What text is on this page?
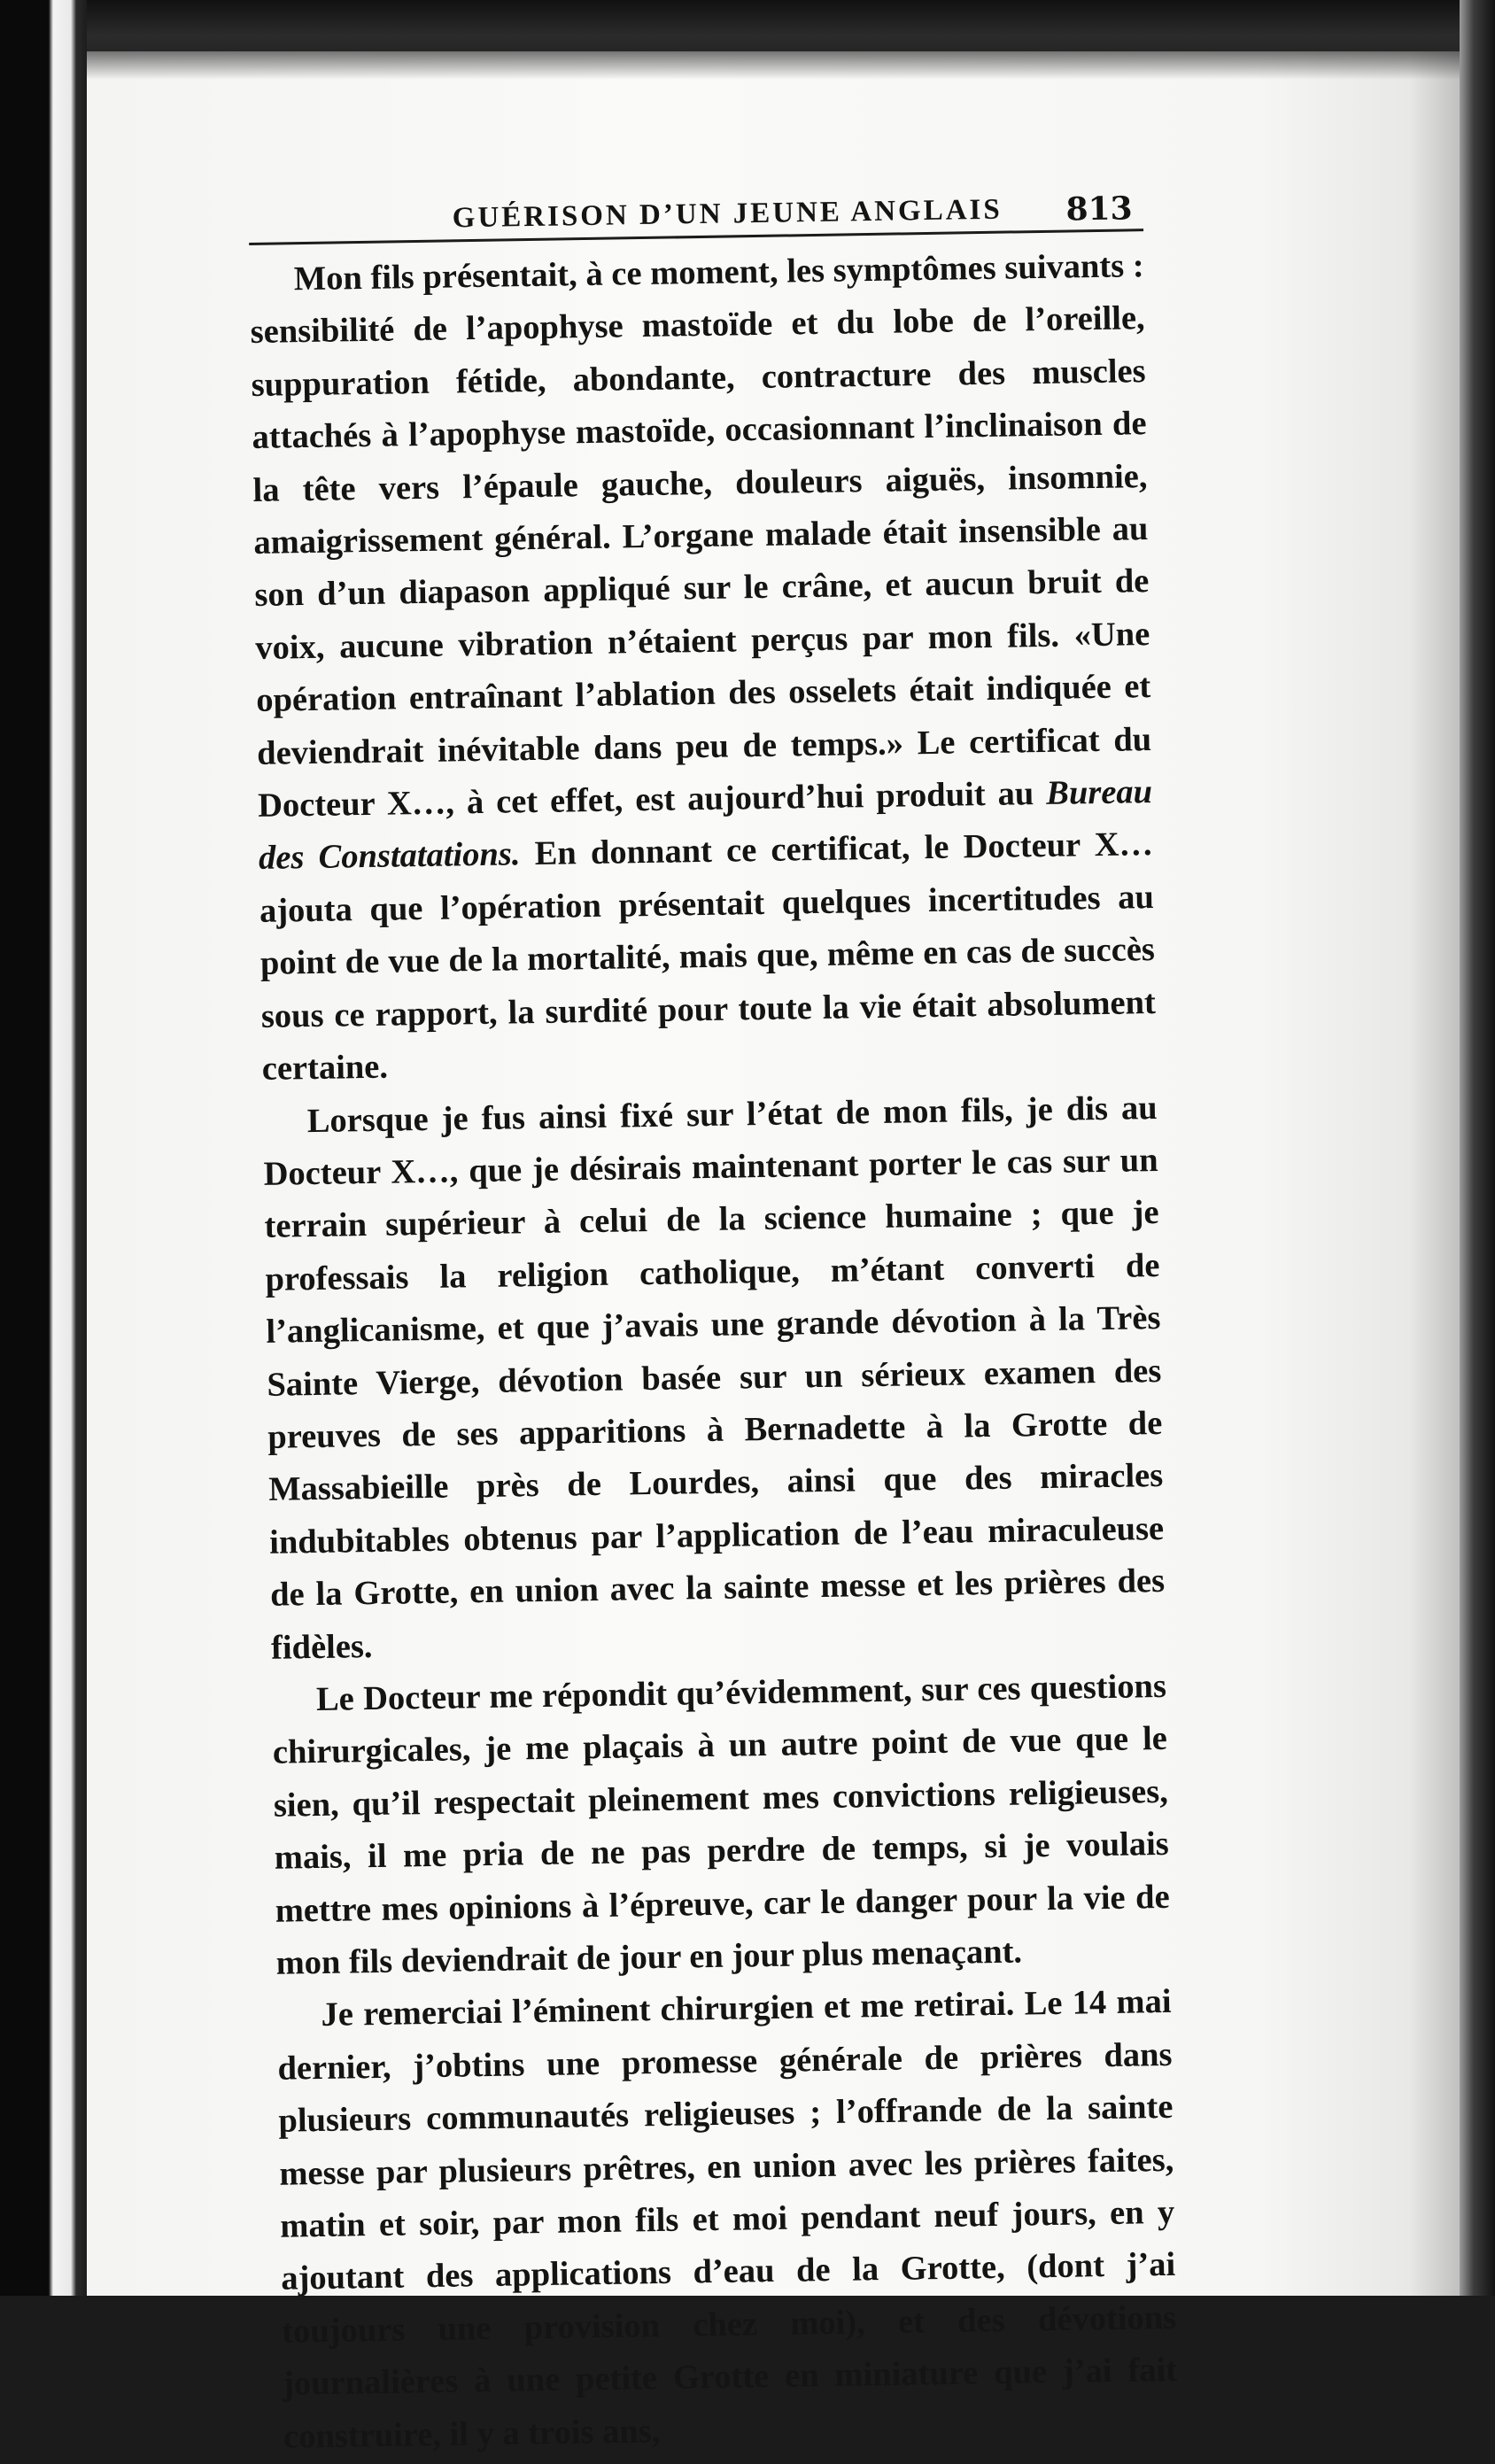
GUÉRISON D’UN JEUNE ANGLAIS 813

Mon fils présentait, à ce moment, les symptômes suivants : sensibilité de l’apophyse mastoïde et du lobe de l’oreille, suppuration fétide, abondante, contracture des muscles attachés à l’apophyse mastoïde, occasionnant l’inclinaison de la tête vers l’épaule gauche, douleurs aiguës, insomnie, amaigrissement général. L’organe malade était insensible au son d’un diapason appliqué sur le crâne, et aucun bruit de voix, aucune vibration n’étaient perçus par mon fils. «Une opération entraînant l’ablation des osselets était indiquée et deviendrait inévitable dans peu de temps.» Le certificat du Docteur X…, à cet effet, est aujourd’hui produit au Bureau des Constatations. En donnant ce certificat, le Docteur X… ajouta que l’opération présentait quelques incertitudes au point de vue de la mortalité, mais que, même en cas de succès sous ce rapport, la surdité pour toute la vie était absolument certaine.

Lorsque je fus ainsi fixé sur l’état de mon fils, je dis au Docteur X…, que je désirais maintenant porter le cas sur un terrain supérieur à celui de la science humaine ; que je professais la religion catholique, m’étant converti de l’anglicanisme, et que j’avais une grande dévotion à la Très Sainte Vierge, dévotion basée sur un sérieux examen des preuves de ses apparitions à Bernadette à la Grotte de Massabieille près de Lourdes, ainsi que des miracles indubitables obtenus par l’application de l’eau miraculeuse de la Grotte, en union avec la sainte messe et les prières des fidèles.

Le Docteur me répondit qu’évidemment, sur ces questions chirurgicales, je me plaçais à un autre point de vue que le sien, qu’il respectait pleinement mes convictions religieuses, mais, il me pria de ne pas perdre de temps, si je voulais mettre mes opinions à l’épreuve, car le danger pour la vie de mon fils deviendrait de jour en jour plus menaçant.

Je remerciai l’éminent chirurgien et me retirai. Le 14 mai dernier, j’obtins une promesse générale de prières dans plusieurs communautés religieuses ; l’offrande de la sainte messe par plusieurs prêtres, en union avec les prières faites, matin et soir, par mon fils et moi pendant neuf jours, en y ajoutant des applications d’eau de la Grotte, (dont j’ai toujours une provision chez moi), et des dévotions journalières à une petite Grotte en miniature que j’ai fait construire, il y a trois ans,
